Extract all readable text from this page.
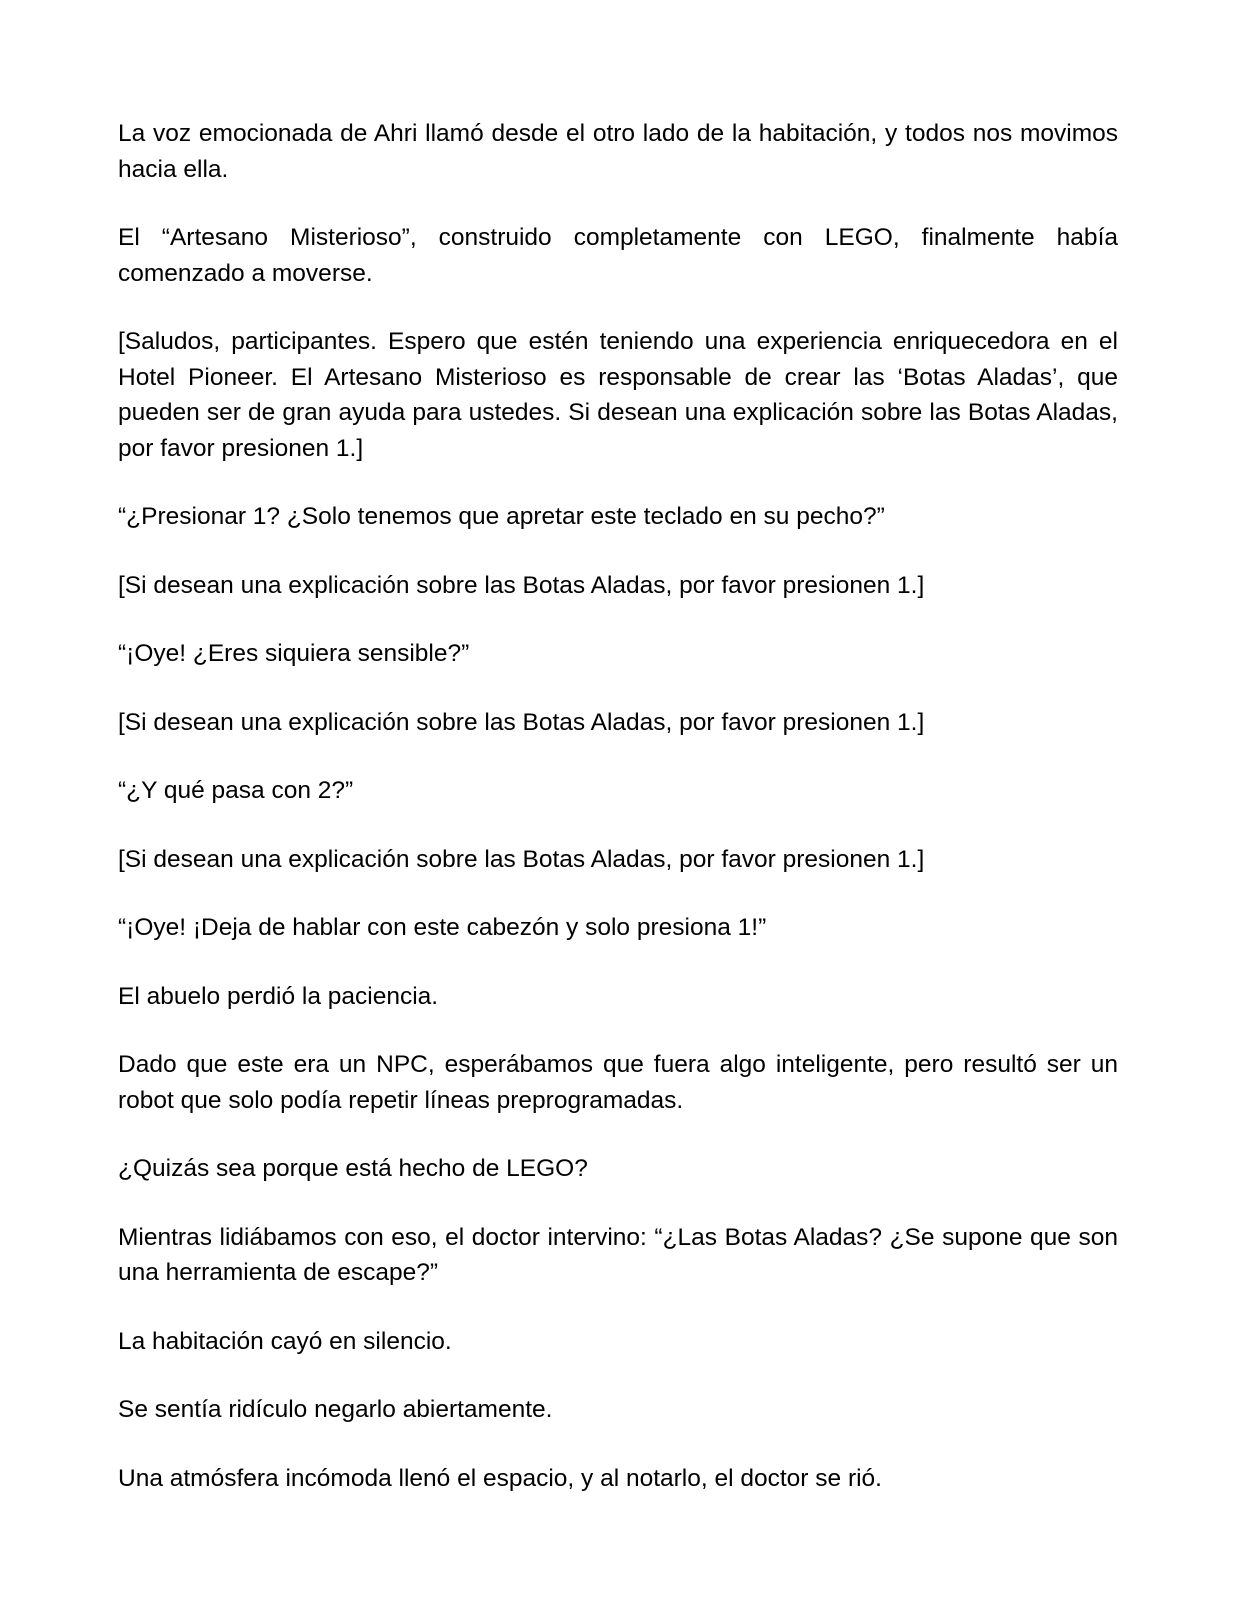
La voz emocionada de Ahri llamó desde el otro lado de la habitación, y todos nos movimos hacia ella.

El “Artesano Misterioso”, construido completamente con LEGO, finalmente había comenzado a moverse.

[Saludos, participantes. Espero que estén teniendo una experiencia enriquecedora en el Hotel Pioneer. El Artesano Misterioso es responsable de crear las ‘Botas Aladas’, que pueden ser de gran ayuda para ustedes. Si desean una explicación sobre las Botas Aladas, por favor presionen 1.]

“¿Presionar 1? ¿Solo tenemos que apretar este teclado en su pecho?”

[Si desean una explicación sobre las Botas Aladas, por favor presionen 1.]

“¡Oye! ¿Eres siquiera sensible?”

[Si desean una explicación sobre las Botas Aladas, por favor presionen 1.]

“¿Y qué pasa con 2?”

[Si desean una explicación sobre las Botas Aladas, por favor presionen 1.]

“¡Oye! ¡Deja de hablar con este cabezón y solo presiona 1!”

El abuelo perdió la paciencia.

Dado que este era un NPC, esperábamos que fuera algo inteligente, pero resultó ser un robot que solo podía repetir líneas preprogramadas.

¿Quizás sea porque está hecho de LEGO?

Mientras lidiábamos con eso, el doctor intervino: “¿Las Botas Aladas? ¿Se supone que son una herramienta de escape?”

La habitación cayó en silencio.

Se sentía ridículo negarlo abiertamente.

Una atmósfera incómoda llenó el espacio, y al notarlo, el doctor se rió.
